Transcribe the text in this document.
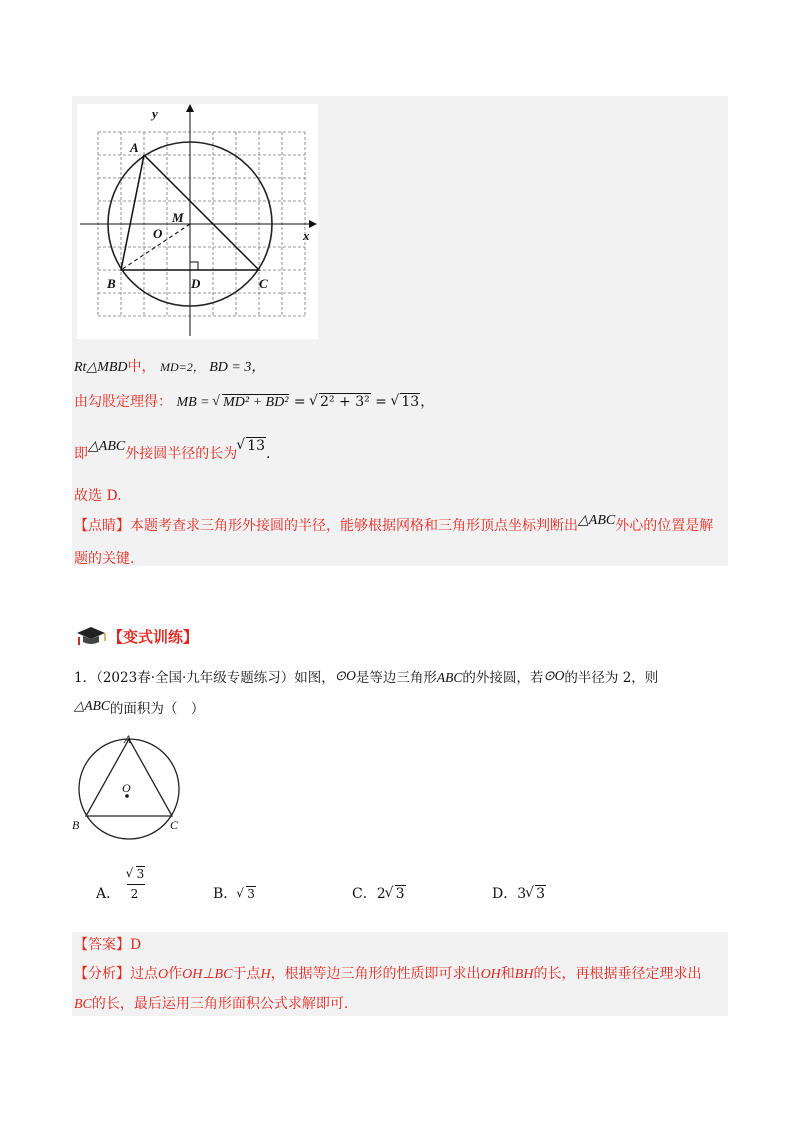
y
x
A
M
O
B	D	C
Rt△MBD中， MD=2， BD = 3，
由勾股定理得： MB = √ MD² + BD² = √ 2² + 3² = √ 13，
即△ABC外接圆半径的长为 √ 13.
故选 D.
【点睛】本题考查求三角形外接圆的半径，能够根据网格和三角形顶点坐标判断出△ABC外心的位置是解
题的关键.
【变式训练】
1．（2023春·全国·九年级专题练习）如图，⊙O是等边三角形ABC的外接圆，若⊙O的半径为 2，则
△ABC的面积为（　）
A
O
B	C
A． √ $\frac{3}{2}$	B． √ 3	C．2 √ 3	D．3 √ 3
【答案】D
【分析】过点O作OH⊥BC于点H，根据等边三角形的性质即可求出OH和BH的长，再根据垂径定理求出
BC的长，最后运用三角形面积公式求解即可.
